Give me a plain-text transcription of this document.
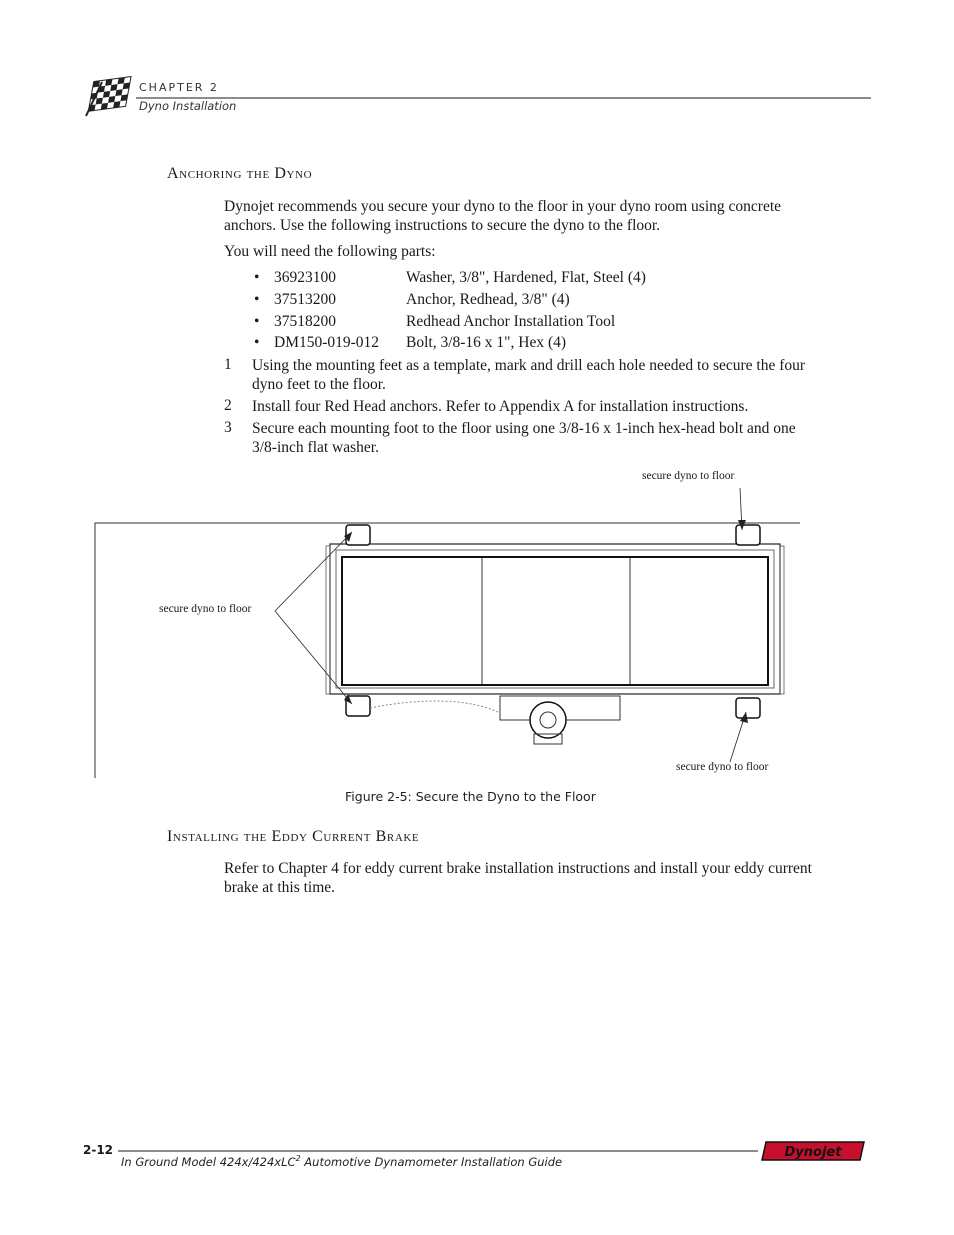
CHAPTER 2
Dyno Installation
Anchoring the Dyno
Dynojet recommends you secure your dyno to the floor in your dyno room using concrete anchors. Use the following instructions to secure the dyno to the floor.
You will need the following parts:
• 36923100	Washer, 3/8", Hardened, Flat, Steel (4)
• 37513200	Anchor, Redhead, 3/8" (4)
• 37518200	Redhead Anchor Installation Tool
• DM150-019-012 Bolt, 3/8-16 x 1", Hex (4)
1 Using the mounting feet as a template, mark and drill each hole needed to secure the four dyno feet to the floor.
2 Install four Red Head anchors. Refer to Appendix A for installation instructions.
3 Secure each mounting foot to the floor using one 3/8-16 x 1-inch hex-head bolt and one 3/8-inch flat washer.
secure dyno to floor
secure dyno to floor
secure dyno to floor
Figure 2-5: Secure the Dyno to the Floor
Installing the Eddy Current Brake
Refer to Chapter 4 for eddy current brake installation instructions and install your eddy current brake at this time.
2-12
In Ground Model 424x/424xLC$^2$ Automotive Dynamometer Installation Guide
Dynojet
